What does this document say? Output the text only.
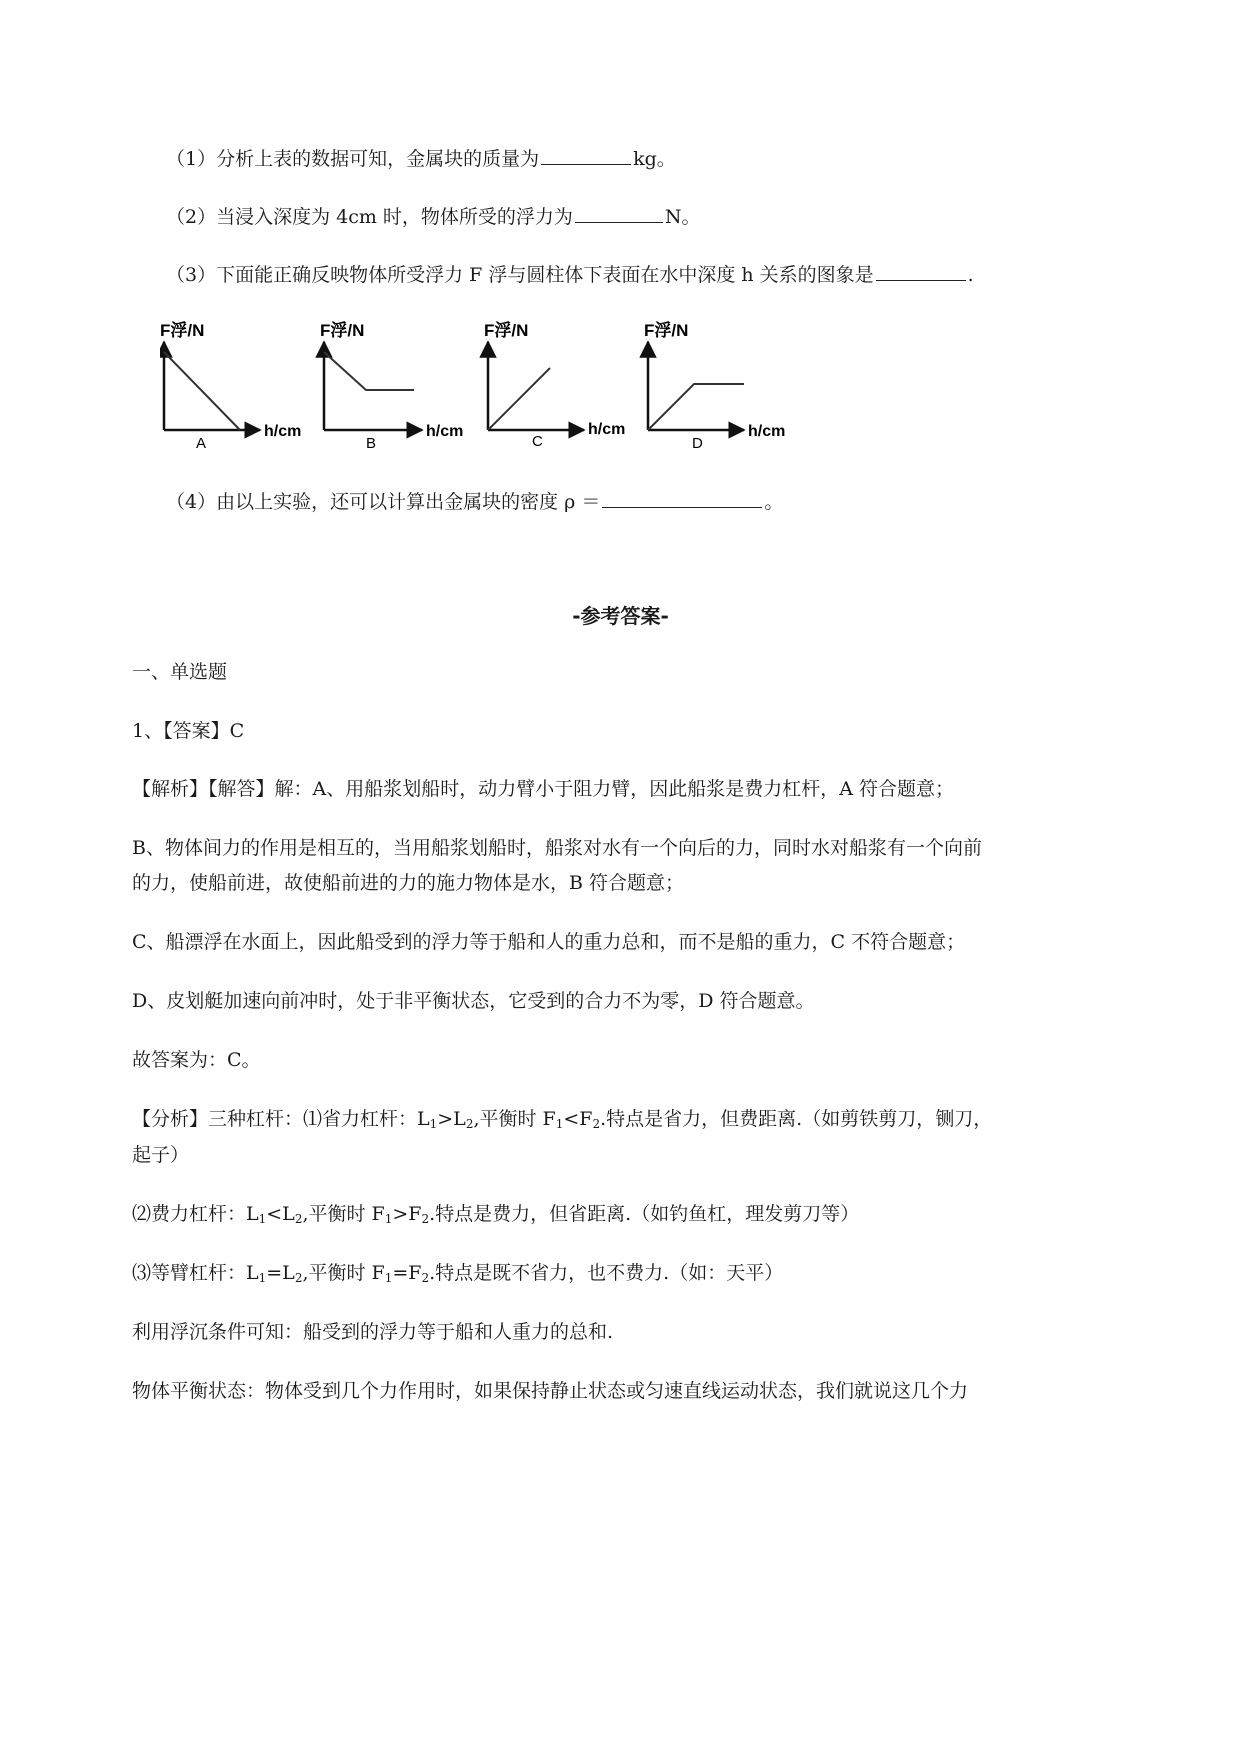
（1）分析上表的数据可知，金属块的质量为	kg。
（2）当浸入深度为 4cm 时，物体所受的浮力为	N。
（3）下面能正确反映物体所受浮力 F 浮与圆柱体下表面在水中深度 h 关系的图象是	.
F浮/N
h/cm
A
F浮/N
h/cm
B
F浮/N
h/cm
C
F浮/N
h/cm
D
（4）由以上实验，还可以计算出金属块的密度 ρ ＝	。
-参考答案-
一、单选题
1、【答案】C
【解析】【解答】解：A、用船浆划船时，动力臂小于阻力臂，因此船浆是费力杠杆，A 符合题意；
B、物体间力的作用是相互的，当用船浆划船时，船浆对水有一个向后的力，同时水对船浆有一个向前
的力，使船前进，故使船前进的力的施力物体是水，B 符合题意；
C、船漂浮在水面上，因此船受到的浮力等于船和人的重力总和，而不是船的重力，C 不符合题意；
D、皮划艇加速向前冲时，处于非平衡状态，它受到的合力不为零，D 符合题意。
故答案为：C。
【分析】三种杠杆：⑴省力杠杆：$L_1>L_2$,平衡时 $F_1<F_2$.特点是省力，但费距离.（如剪铁剪刀，铡刀，
起子）
⑵费力杠杆：$L_1<L_2$,平衡时 $F_1>F_2$.特点是费力，但省距离.（如钓鱼杠，理发剪刀等）
⑶等臂杠杆：$L_1=L_2$,平衡时 $F_1=F_2$.特点是既不省力，也不费力.（如：天平）
利用浮沉条件可知：船受到的浮力等于船和人重力的总和.
物体平衡状态：物体受到几个力作用时，如果保持静止状态或匀速直线运动状态，我们就说这几个力
